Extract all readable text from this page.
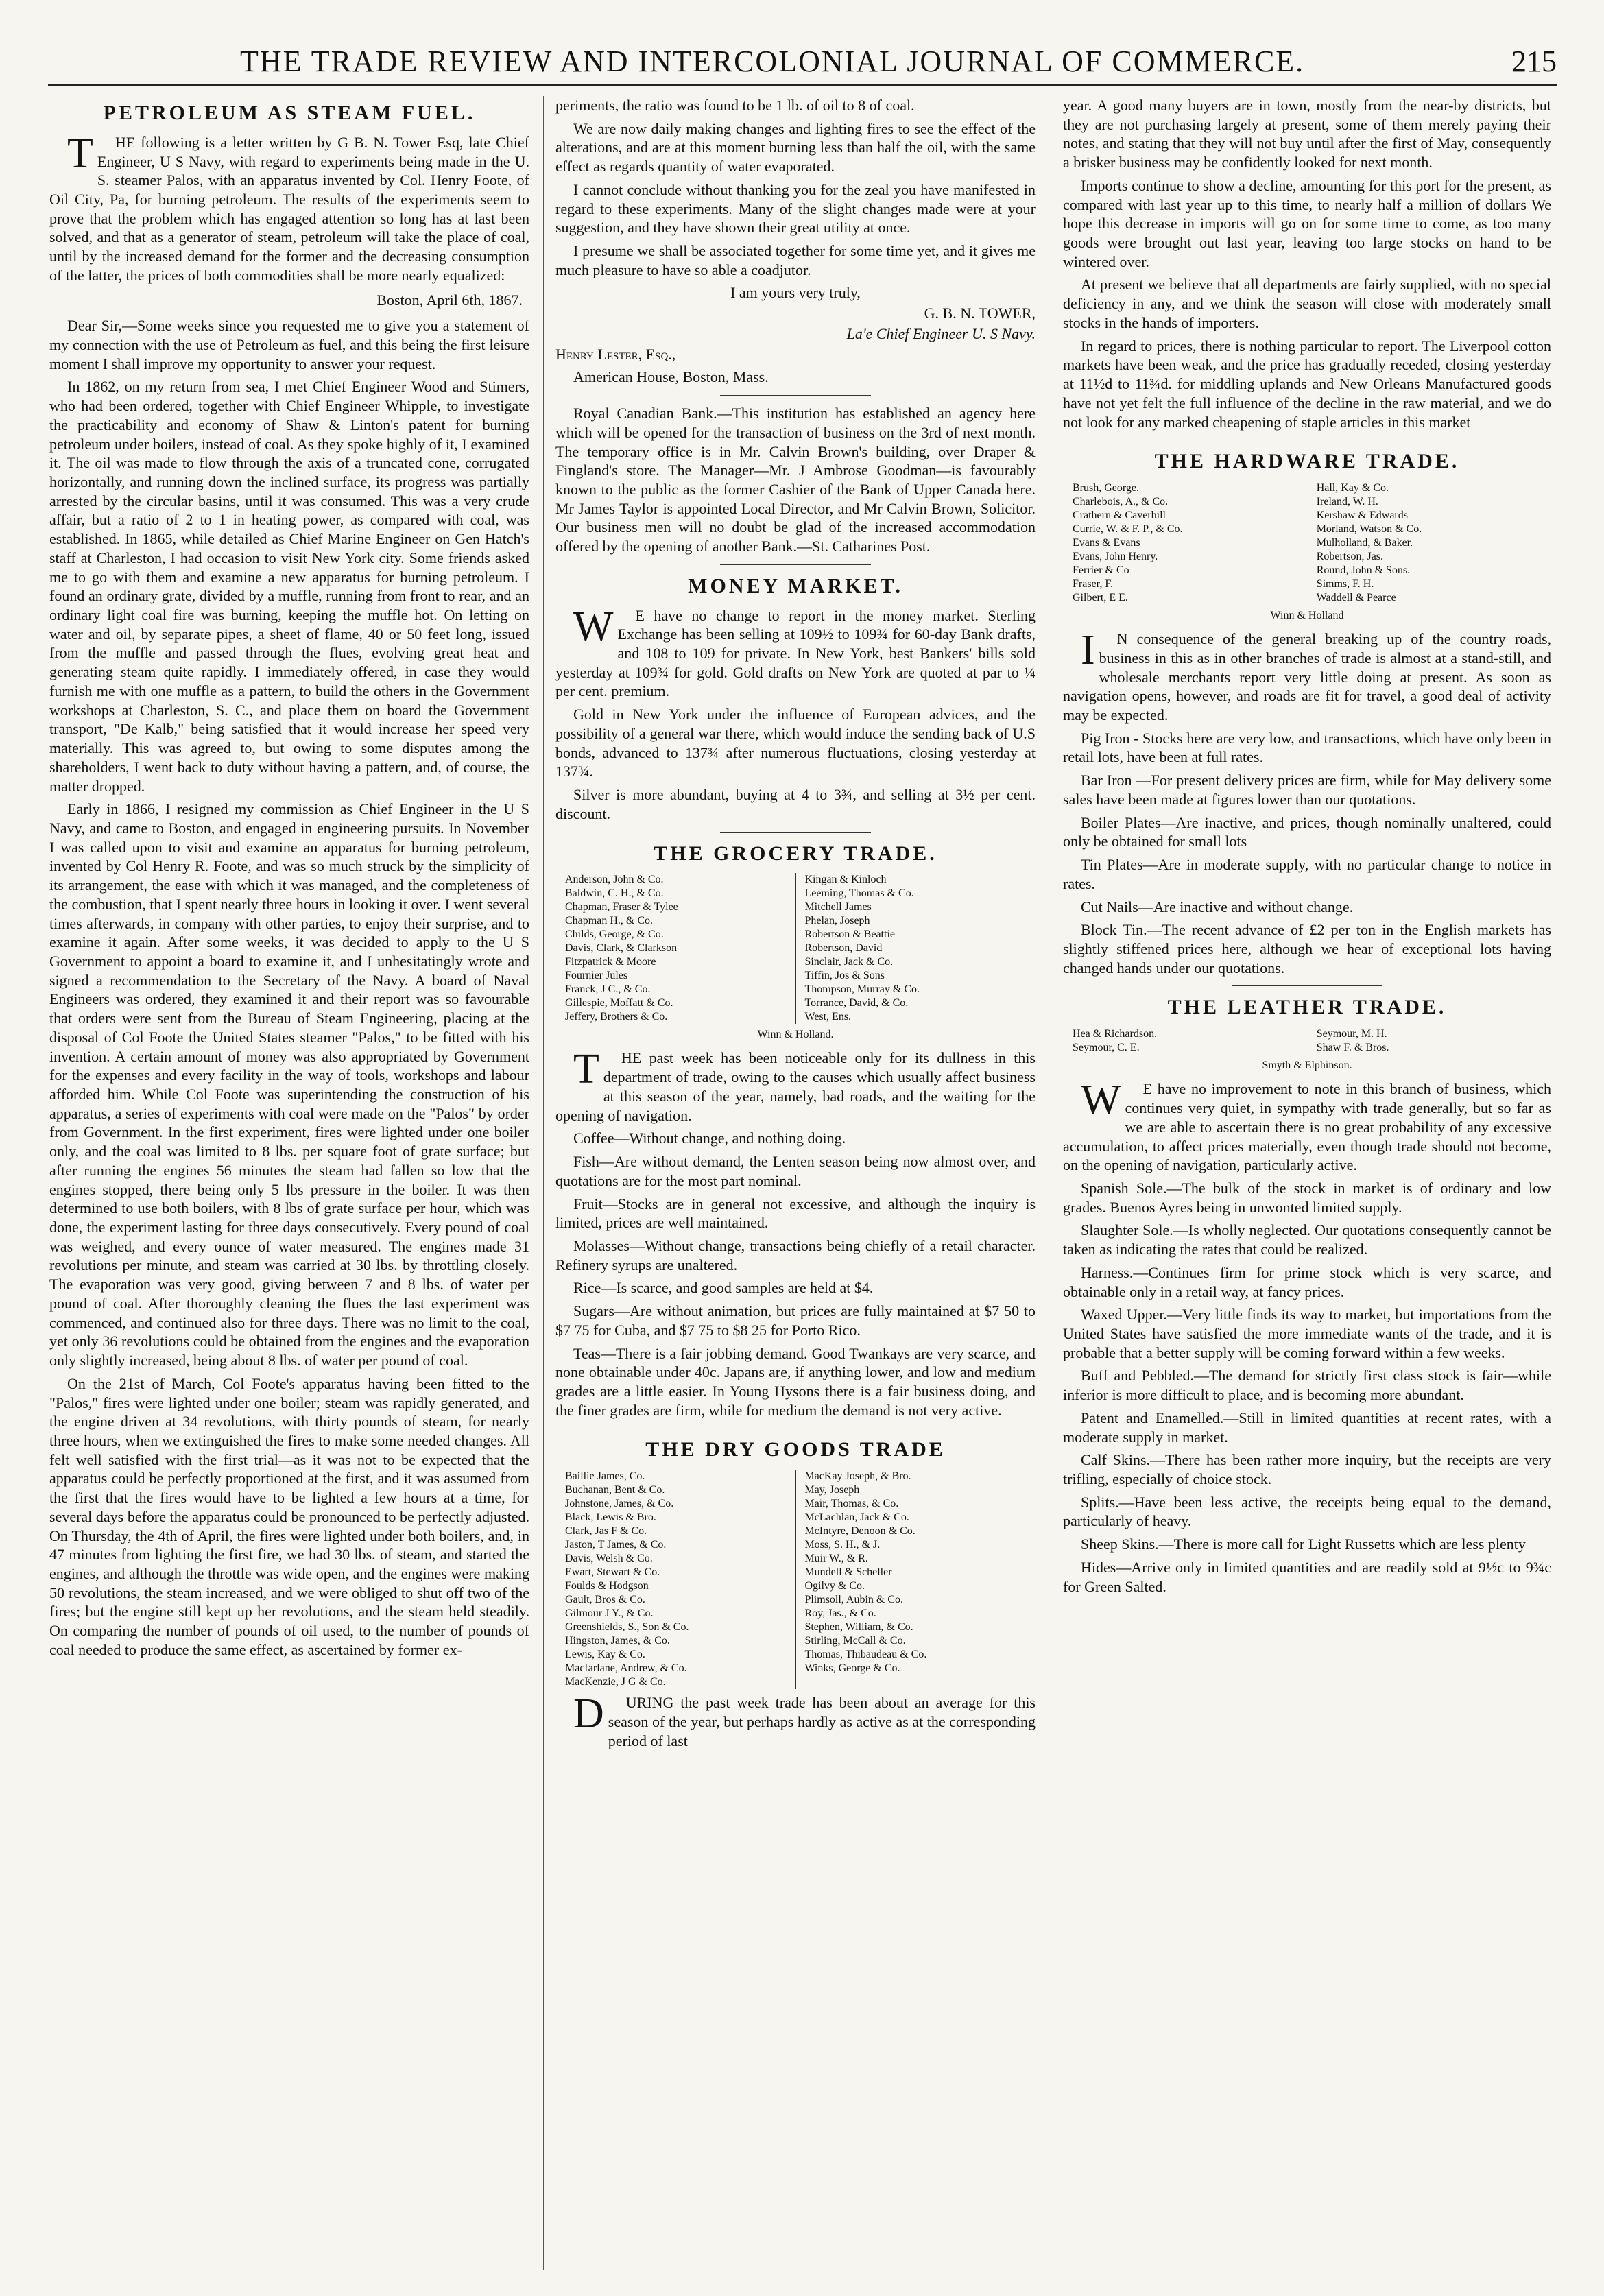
THE TRADE REVIEW AND INTERCOLONIAL JOURNAL OF COMMERCE.	215
PETROLEUM AS STEAM FUEL.

THE following is a letter written by G B. N. Tower Esq, late Chief Engineer, U S Navy, with regard to experiments being made in the U. S. steamer Palos, with an apparatus invented by Col. Henry Foote, of Oil City, Pa, for burning petroleum. The results of the experiments seem to prove that the problem which has engaged attention so long has at last been solved, and that as a generator of steam, petroleum will take the place of coal, until by the increased demand for the former and the decreasing consumption of the latter, the prices of both commodities shall be more nearly equalized:

Boston, April 6th, 1867.

Dear Sir,—Some weeks since you requested me to give you a statement of my connection with the use of Petroleum as fuel, and this being the first leisure moment I shall improve my opportunity to answer your request.

In 1862, on my return from sea, I met Chief Engineer Wood and Stimers, who had been ordered, together with Chief Engineer Whipple, to investigate the practicability and economy of Shaw & Linton's patent for burning petroleum under boilers, instead of coal. As they spoke highly of it, I examined it. The oil was made to flow through the axis of a truncated cone, corrugated horizontally, and running down the inclined surface, its progress was partially arrested by the circular basins, until it was consumed. This was a very crude affair, but a ratio of 2 to 1 in heating power, as compared with coal, was established. In 1865, while detailed as Chief Marine Engineer on Gen Hatch's staff at Charleston, I had occasion to visit New York city. Some friends asked me to go with them and examine a new apparatus for burning petroleum. I found an ordinary grate, divided by a muffle, running from front to rear, and an ordinary light coal fire was burning, keeping the muffle hot. On letting on water and oil, by separate pipes, a sheet of flame, 40 or 50 feet long, issued from the muffle and passed through the flues, evolving great heat and generating steam quite rapidly. I immediately offered, in case they would furnish me with one muffle as a pattern, to build the others in the Government workshops at Charleston, S. C., and place them on board the Government transport, "De Kalb," being satisfied that it would increase her speed very materially. This was agreed to, but owing to some disputes among the shareholders, I went back to duty without having a pattern, and, of course, the matter dropped.

Early in 1866, I resigned my commission as Chief Engineer in the U S Navy, and came to Boston, and engaged in engineering pursuits. In November I was called upon to visit and examine an apparatus for burning petroleum, invented by Col Henry R. Foote, and was so much struck by the simplicity of its arrangement, the ease with which it was managed, and the completeness of the combustion, that I spent nearly three hours in looking it over. I went several times afterwards, in company with other parties, to enjoy their surprise, and to examine it again. After some weeks, it was decided to apply to the U S Government to appoint a board to examine it, and I unhesitatingly wrote and signed a recommendation to the Secretary of the Navy. A board of Naval Engineers was ordered, they examined it and their report was so favourable that orders were sent from the Bureau of Steam Engineering, placing at the disposal of Col Foote the United States steamer "Palos," to be fitted with his invention. A certain amount of money was also appropriated by Government for the expenses and every facility in the way of tools, workshops and labour afforded him. While Col Foote was superintending the construction of his apparatus, a series of experiments with coal were made on the "Palos" by order from Government. In the first experiment, fires were lighted under one boiler only, and the coal was limited to 8 lbs. per square foot of grate surface; but after running the engines 56 minutes the steam had fallen so low that the engines stopped, there being only 5 lbs pressure in the boiler. It was then determined to use both boilers, with 8 lbs of grate surface per hour, which was done, the experiment lasting for three days consecutively. Every pound of coal was weighed, and every ounce of water measured. The engines made 31 revolutions per minute, and steam was carried at 30 lbs. by throttling closely. The evaporation was very good, giving between 7 and 8 lbs. of water per pound of coal. After thoroughly cleaning the flues the last experiment was commenced, and continued also for three days. There was no limit to the coal, yet only 36 revolutions could be obtained from the engines and the evaporation only slightly increased, being about 8 lbs. of water per pound of coal.

On the 21st of March, Col Foote's apparatus having been fitted to the "Palos," fires were lighted under one boiler; steam was rapidly generated, and the engine driven at 34 revolutions, with thirty pounds of steam, for nearly three hours, when we extinguished the fires to make some needed changes. All felt well satisfied with the first trial—as it was not to be expected that the apparatus could be perfectly proportioned at the first, and it was assumed from the first that the fires would have to be lighted a few hours at a time, for several days before the apparatus could be pronounced to be perfectly adjusted. On Thursday, the 4th of April, the fires were lighted under both boilers, and, in 47 minutes from lighting the first fire, we had 30 lbs. of steam, and started the engines, and although the throttle was wide open, and the engines were making 50 revolutions, the steam increased, and we were obliged to shut off two of the fires; but the engine still kept up her revolutions, and the steam held steadily. On comparing the number of pounds of oil used, to the number of pounds of coal needed to produce the same effect, as ascertained by former ex-

periments, the ratio was found to be 1 lb. of oil to 8 of coal.

We are now daily making changes and lighting fires to see the effect of the alterations, and are at this moment burning less than half the oil, with the same effect as regards quantity of water evaporated.

I cannot conclude without thanking you for the zeal you have manifested in regard to these experiments. Many of the slight changes made were at your suggestion, and they have shown their great utility at once.

I presume we shall be associated together for some time yet, and it gives me much pleasure to have so able a coadjutor.

I am yours very truly,

G. B. N. TOWER,

La'e Chief Engineer U. S Navy.

Henry Lester, Esq.,

American House, Boston, Mass.

Royal Canadian Bank.—This institution has established an agency here which will be opened for the transaction of business on the 3rd of next month. The temporary office is in Mr. Calvin Brown's building, over Draper & Fingland's store. The Manager—Mr. J Ambrose Goodman—is favourably known to the public as the former Cashier of the Bank of Upper Canada here. Mr James Taylor is appointed Local Director, and Mr Calvin Brown, Solicitor. Our business men will no doubt be glad of the increased accommodation offered by the opening of another Bank.—St. Catharines Post.

MONEY MARKET.

WE have no change to report in the money market. Sterling Exchange has been selling at 109½ to 109¾ for 60-day Bank drafts, and 108 to 109 for private. In New York, best Bankers' bills sold yesterday at 109¾ for gold. Gold drafts on New York are quoted at par to ¼ per cent. premium.

Gold in New York under the influence of European advices, and the possibility of a general war there, which would induce the sending back of U.S bonds, advanced to 137¾ after numerous fluctuations, closing yesterday at 137¾.

Silver is more abundant, buying at 4 to 3¾, and selling at 3½ per cent. discount.

THE GROCERY TRADE.
Anderson, John & Co.
Baldwin, C. H., & Co.
Chapman, Fraser & Tylee
Chapman H., & Co.
Childs, George, & Co.
Davis, Clark, & Clarkson
Fitzpatrick & Moore
Fournier Jules
Franck, J C., & Co.
Gillespie, Moffatt & Co.
Jeffery, Brothers & Co.
Kingan & Kinloch
Leeming, Thomas & Co.
Mitchell James
Phelan, Joseph
Robertson & Beattie
Robertson, David
Sinclair, Jack & Co.
Tiffin, Jos & Sons
Thompson, Murray & Co.
Torrance, David, & Co.
West, Ens.
Winn & Holland.

THE past week has been noticeable only for its dullness in this department of trade, owing to the causes which usually affect business at this season of the year, namely, bad roads, and the waiting for the opening of navigation.

Coffee—Without change, and nothing doing.

Fish—Are without demand, the Lenten season being now almost over, and quotations are for the most part nominal.

Fruit—Stocks are in general not excessive, and although the inquiry is limited, prices are well maintained.

Molasses—Without change, transactions being chiefly of a retail character. Refinery syrups are unaltered.

Rice—Is scarce, and good samples are held at $4.

Sugars—Are without animation, but prices are fully maintained at $7 50 to $7 75 for Cuba, and $7 75 to $8 25 for Porto Rico.

Teas—There is a fair jobbing demand. Good Twankays are very scarce, and none obtainable under 40c. Japans are, if anything lower, and low and medium grades are a little easier. In Young Hysons there is a fair business doing, and the finer grades are firm, while for medium the demand is not very active.

THE DRY GOODS TRADE
Baillie James, Co.
Buchanan, Bent & Co.
Johnstone, James, & Co.
Black, Lewis & Bro.
Clark, Jas F & Co.
Jaston, T James, & Co.
Davis, Welsh & Co.
Ewart, Stewart & Co.
Foulds & Hodgson
Gault, Bros & Co.
Gilmour J Y., & Co.
Greenshields, S., Son & Co.
Hingston, James, & Co.
Lewis, Kay & Co.
Macfarlane, Andrew, & Co.
MacKenzie, J G & Co.
MacKay Joseph, & Bro.
May, Joseph
Mair, Thomas, & Co.
McLachlan, Jack & Co.
McIntyre, Denoon & Co.
Moss, S. H., & J.
Muir W., & R.
Mundell & Scheller
Ogilvy & Co.
Plimsoll, Aubin & Co.
Roy, Jas., & Co.
Stephen, William, & Co.
Stirling, McCall & Co.
Thomas, Thibaudeau & Co.
Winks, George & Co.

DURING the past week trade has been about an average for this season of the year, but perhaps hardly as active as at the corresponding period of last

year. A good many buyers are in town, mostly from the near-by districts, but they are not purchasing largely at present, some of them merely paying their notes, and stating that they will not buy until after the first of May, consequently a brisker business may be confidently looked for next month.

Imports continue to show a decline, amounting for this port for the present, as compared with last year up to this time, to nearly half a million of dollars We hope this decrease in imports will go on for some time to come, as too many goods were brought out last year, leaving too large stocks on hand to be wintered over.

At present we believe that all departments are fairly supplied, with no special deficiency in any, and we think the season will close with moderately small stocks in the hands of importers.

In regard to prices, there is nothing particular to report. The Liverpool cotton markets have been weak, and the price has gradually receded, closing yesterday at 11½d to 11¾d. for middling uplands and New Orleans Manufactured goods have not yet felt the full influence of the decline in the raw material, and we do not look for any marked cheapening of staple articles in this market

THE HARDWARE TRADE.
Brush, George.
Charlebois, A., & Co.
Crathern & Caverhill
Currie, W. & F. P., & Co.
Evans & Evans
Evans, John Henry.
Ferrier & Co
Fraser, F.
Gilbert, E E.
Hall, Kay & Co.
Ireland, W. H.
Kershaw & Edwards
Morland, Watson & Co.
Mulholland, & Baker.
Robertson, Jas.
Round, John & Sons.
Simms, F. H.
Waddell & Pearce
Winn & Holland

IN consequence of the general breaking up of the country roads, business in this as in other branches of trade is almost at a stand-still, and wholesale merchants report very little doing at present. As soon as navigation opens, however, and roads are fit for travel, a good deal of activity may be expected.

Pig Iron - Stocks here are very low, and transactions, which have only been in retail lots, have been at full rates.

Bar Iron —For present delivery prices are firm, while for May delivery some sales have been made at figures lower than our quotations.

Boiler Plates—Are inactive, and prices, though nominally unaltered, could only be obtained for small lots

Tin Plates—Are in moderate supply, with no particular change to notice in rates.

Cut Nails—Are inactive and without change.

Block Tin.—The recent advance of £2 per ton in the English markets has slightly stiffened prices here, although we hear of exceptional lots having changed hands under our quotations.

THE LEATHER TRADE.
Hea & Richardson.
Seymour, C. E.
Seymour, M. H.
Shaw F. & Bros.
Smyth & Elphinson.

WE have no improvement to note in this branch of business, which continues very quiet, in sympathy with trade generally, but so far as we are able to ascertain there is no great probability of any excessive accumulation, to affect prices materially, even though trade should not become, on the opening of navigation, particularly active.

Spanish Sole.—The bulk of the stock in market is of ordinary and low grades. Buenos Ayres being in unwonted limited supply.

Slaughter Sole.—Is wholly neglected. Our quotations consequently cannot be taken as indicating the rates that could be realized.

Harness.—Continues firm for prime stock which is very scarce, and obtainable only in a retail way, at fancy prices.

Waxed Upper.—Very little finds its way to market, but importations from the United States have satisfied the more immediate wants of the trade, and it is probable that a better supply will be coming forward within a few weeks.

Buff and Pebbled.—The demand for strictly first class stock is fair—while inferior is more difficult to place, and is becoming more abundant.

Patent and Enamelled.—Still in limited quantities at recent rates, with a moderate supply in market.

Calf Skins.—There has been rather more inquiry, but the receipts are very trifling, especially of choice stock.

Splits.—Have been less active, the receipts being equal to the demand, particularly of heavy.

Sheep Skins.—There is more call for Light Russetts which are less plenty

Hides—Arrive only in limited quantities and are readily sold at 9½c to 9¾c for Green Salted.
